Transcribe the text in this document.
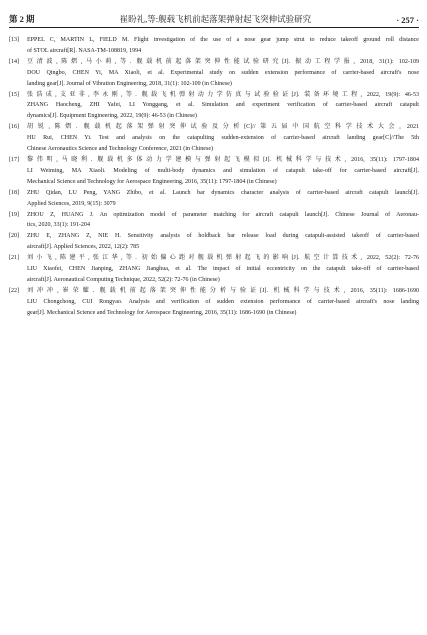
第 2 期	崔盼礼,等:舰载飞机前起落架弹射起飞突伸试验研究	· 257 ·
[13] EPPEL C, MARTIN L, FIELD M. Flight investigation of the use of a nose gear jump strut to reduce takeoff ground roll distance
of STOL aircraft[R]. NASA-TM-108819, 1994
[14] 豆清波,陈熠,马小莉,等. 舰载机前起落架突伸性能试验研究[J]. 振动工程学报, 2018, 31(1): 102-109
DOU Qingbo, CHEN Yi, MA Xiaoli, et al. Experimental study on sudden extension performance of carrier-based aircraft's nose
landing gear[J]. Journal of Vibration Engineering, 2018, 31(1): 102-109 (in Chinese)
[15] 张浩成,支亚非,李永刚,等. 舰载飞机弹射动力学仿真与试验验证[J]. 装备环境工程, 2022, 19(9): 46-53
ZHANG Haocheng, ZHI Yafei, LI Yonggang, et al. Simulation and experiment verification of carrier-based aircraft catapult
dynamics[J]. Equipment Engineering, 2022, 19(9): 46-53 (in Chinese)
[16] 胡锐,陈熠. 舰载机起落架弹射突伸试验及分析[C]//第五届中国航空科学技术大会, 2021
HU Rui, CHEN Yi. Test and analysis on the catapulting sudden-extension of carrier-based aircraft landing gear[C]//The 5th
Chinese Aeronautics Science and Technology Conference, 2021 (in Chinese)
[17] 黎伟明,马晓利. 舰载机多体动力学建模与弹射起飞模拟[J]. 机械科学与技术, 2016, 35(11): 1797-1804
LI Weiming, MA Xiaoli. Modeling of multi-body dynamics and simulation of catapult take-off for carrier-based aircraft[J].
Mechanical Science and Technology for Aerospace Engineering, 2016, 35(11): 1797-1804 (in Chinese)
[18] ZHU Qidan, LU Peng, YANG Zhibo, et al. Launch bar dynamics character analysis of carrier-based aircraft catapult launch[J].
Applied Sciences, 2019, 9(15): 3079
[19] ZHOU Z, HUANG J. An optimization model of parameter matching for aircraft catapult launch[J]. Chinese Journal of Aeronau-
tics, 2020, 33(1): 191-204
[20] ZHU E, ZHANG Z, NIE H. Sensitivity analysis of holdback bar release load during catapult-assisted takeoff of carrier-based
aircraft[J]. Applied Sciences, 2022, 12(2): 785
[21] 刘小飞,陈建平,张江华,等. 初始偏心距对舰载机弹射起飞的影响[J]. 航空计算技术, 2022, 52(2): 72-76
LIU Xiaofei, CHEN Jianping, ZHANG Jianghua, et al. The impact of initial eccentricity on the catapult take-off of carrier-based
aircraft[J]. Aeronautical Computing Technique, 2022, 52(2): 72-76 (in Chinese)
[22] 刘冲冲,崔荣耀. 舰载机前起落架突伸性能分析与验证[J]. 机械科学与技术, 2016, 35(11): 1686-1690
LIU Chongchong, CUI Rongyao. Analysis and verification of sudden extension performance of carrier-based aircraft's nose landing
gear[J]. Mechanical Science and Technology for Aerospace Engineering, 2016, 35(11): 1686-1690 (in Chinese)
